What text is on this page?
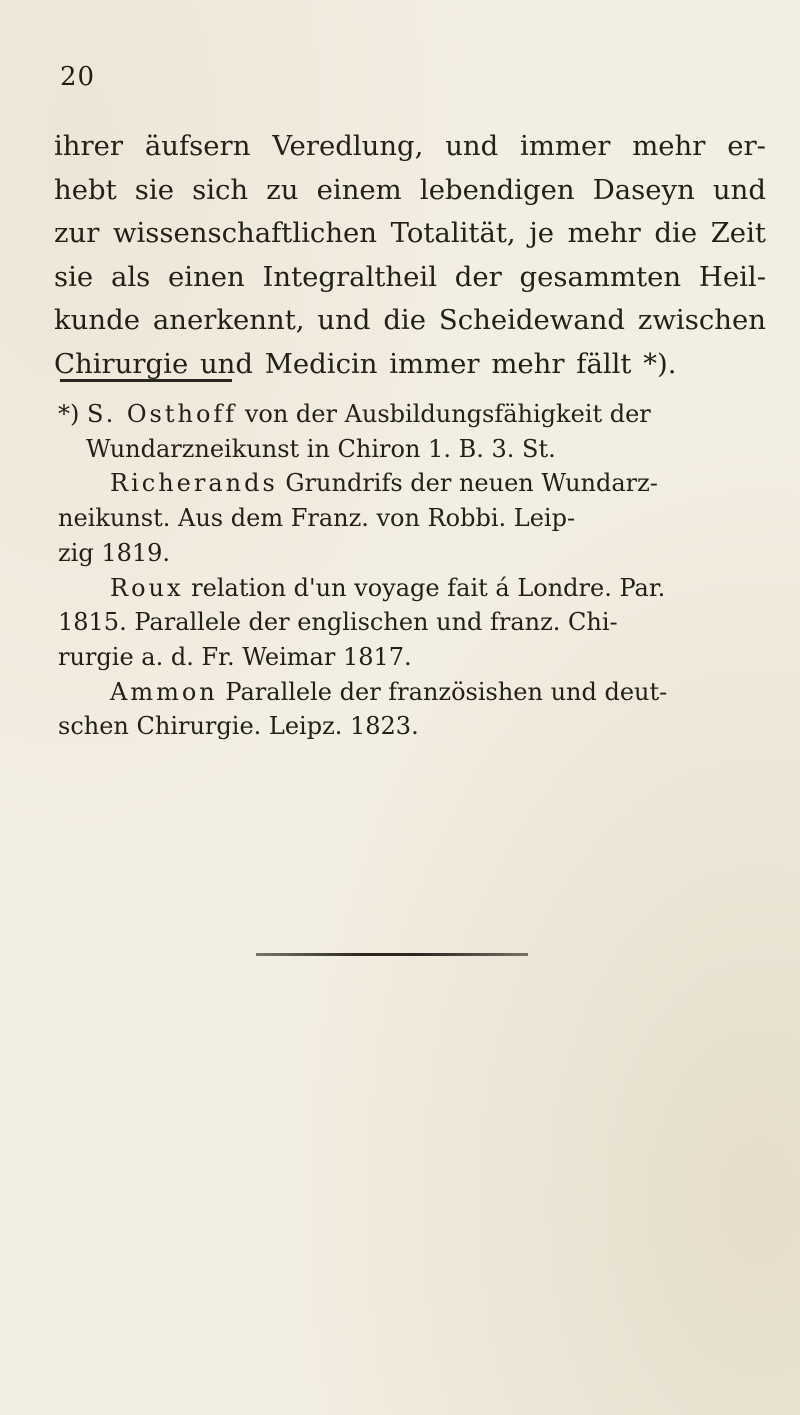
20
ihrer äufsern Veredlung, und immer mehr er-
hebt sie sich zu einem lebendigen Daseyn und
zur wissenschaftlichen Totalität, je mehr die Zeit
sie als einen Integraltheil der gesammten Heil-
kunde anerkennt, und die Scheidewand zwischen
Chirurgie und Medicin immer mehr fällt *).
*) S. Osthoff von der Ausbildungsfähigkeit der
Wundarzneikunst in Chiron 1. B. 3. St.
Richerands Grundrifs der neuen Wundarz-
neikunst. Aus dem Franz. von Robbi. Leip-
zig 1819.
Roux relation d'un voyage fait á Londre. Par.
1815. Parallele der englischen und franz. Chi-
rurgie a. d. Fr. Weimar 1817.
Ammon Parallele der französishen und deut-
schen Chirurgie. Leipz. 1823.
